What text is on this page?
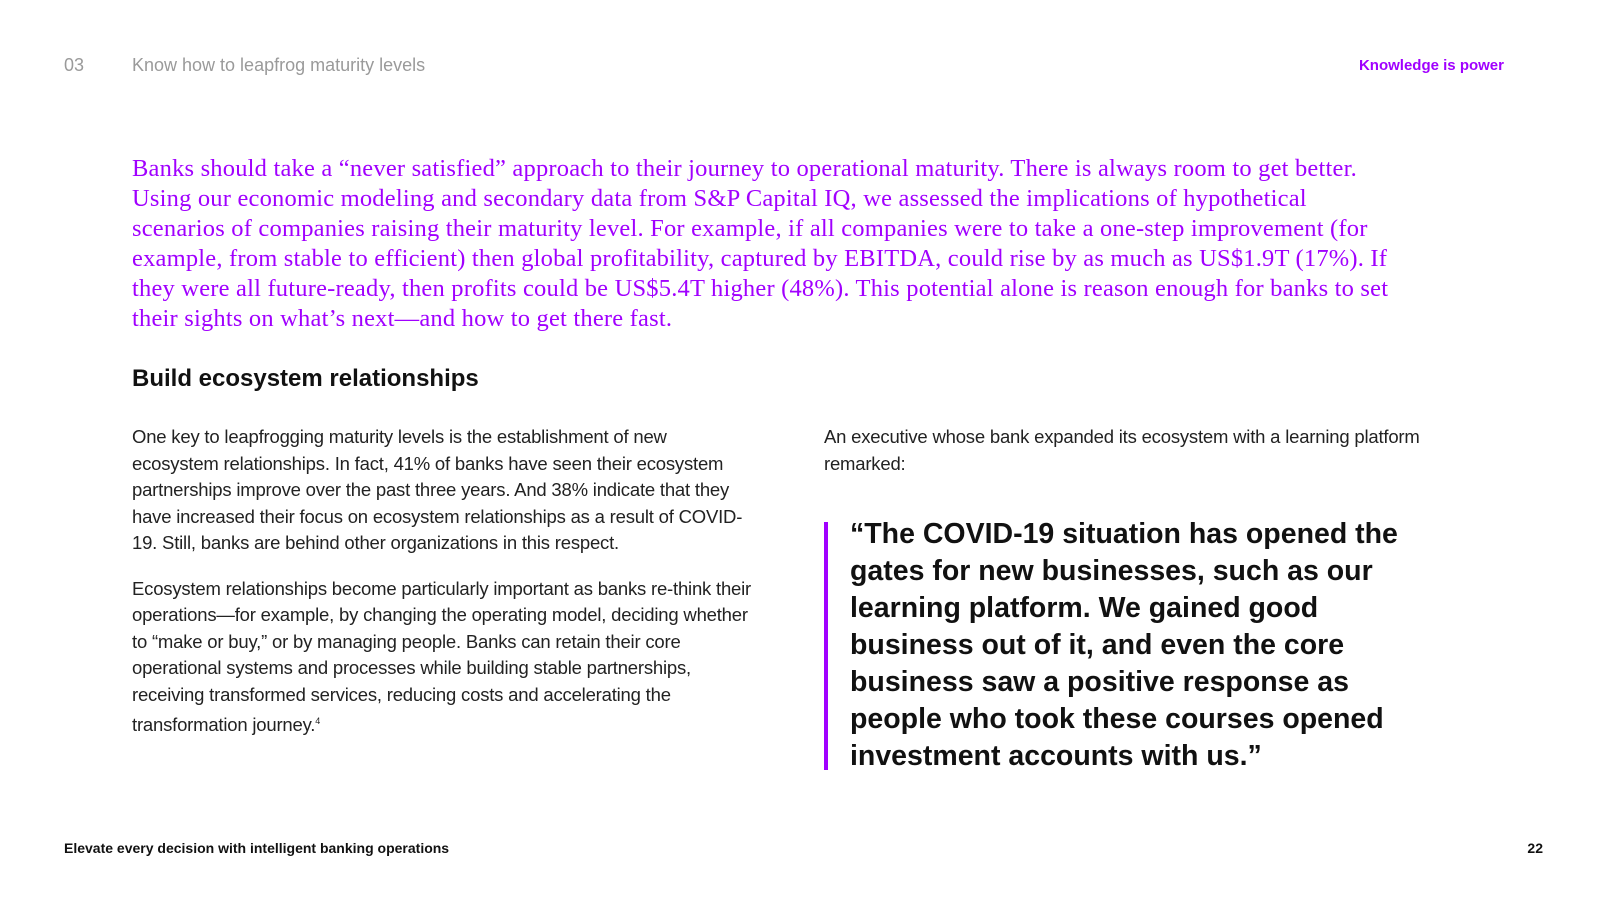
03	Know how to leapfrog maturity levels	Knowledge is power

Banks should take a “never satisfied” approach to their journey to operational maturity. There is always room to get better. Using our economic modeling and secondary data from S&P Capital IQ, we assessed the implications of hypothetical scenarios of companies raising their maturity level. For example, if all companies were to take a one-step improvement (for example, from stable to efficient) then global profitability, captured by EBITDA, could rise by as much as US$1.9T (17%). If they were all future-ready, then profits could be US$5.4T higher (48%). This potential alone is reason enough for banks to set their sights on what’s next—and how to get there fast.

Build ecosystem relationships

One key to leapfrogging maturity levels is the establishment of new ecosystem relationships. In fact, 41% of banks have seen their ecosystem partnerships improve over the past three years. And 38% indicate that they have increased their focus on ecosystem relationships as a result of COVID-19. Still, banks are behind other organizations in this respect.

Ecosystem relationships become particularly important as banks re-think their operations—for example, by changing the operating model, deciding whether to “make or buy,” or by managing people. Banks can retain their core operational systems and processes while building stable partnerships, receiving transformed services, reducing costs and accelerating the transformation journey.$^4$

An executive whose bank expanded its ecosystem with a learning platform remarked:

“The COVID-19 situation has opened the gates for new businesses, such as our learning platform. We gained good business out of it, and even the core business saw a positive response as people who took these courses opened investment accounts with us.”
Elevate every decision with intelligent banking operations	22
